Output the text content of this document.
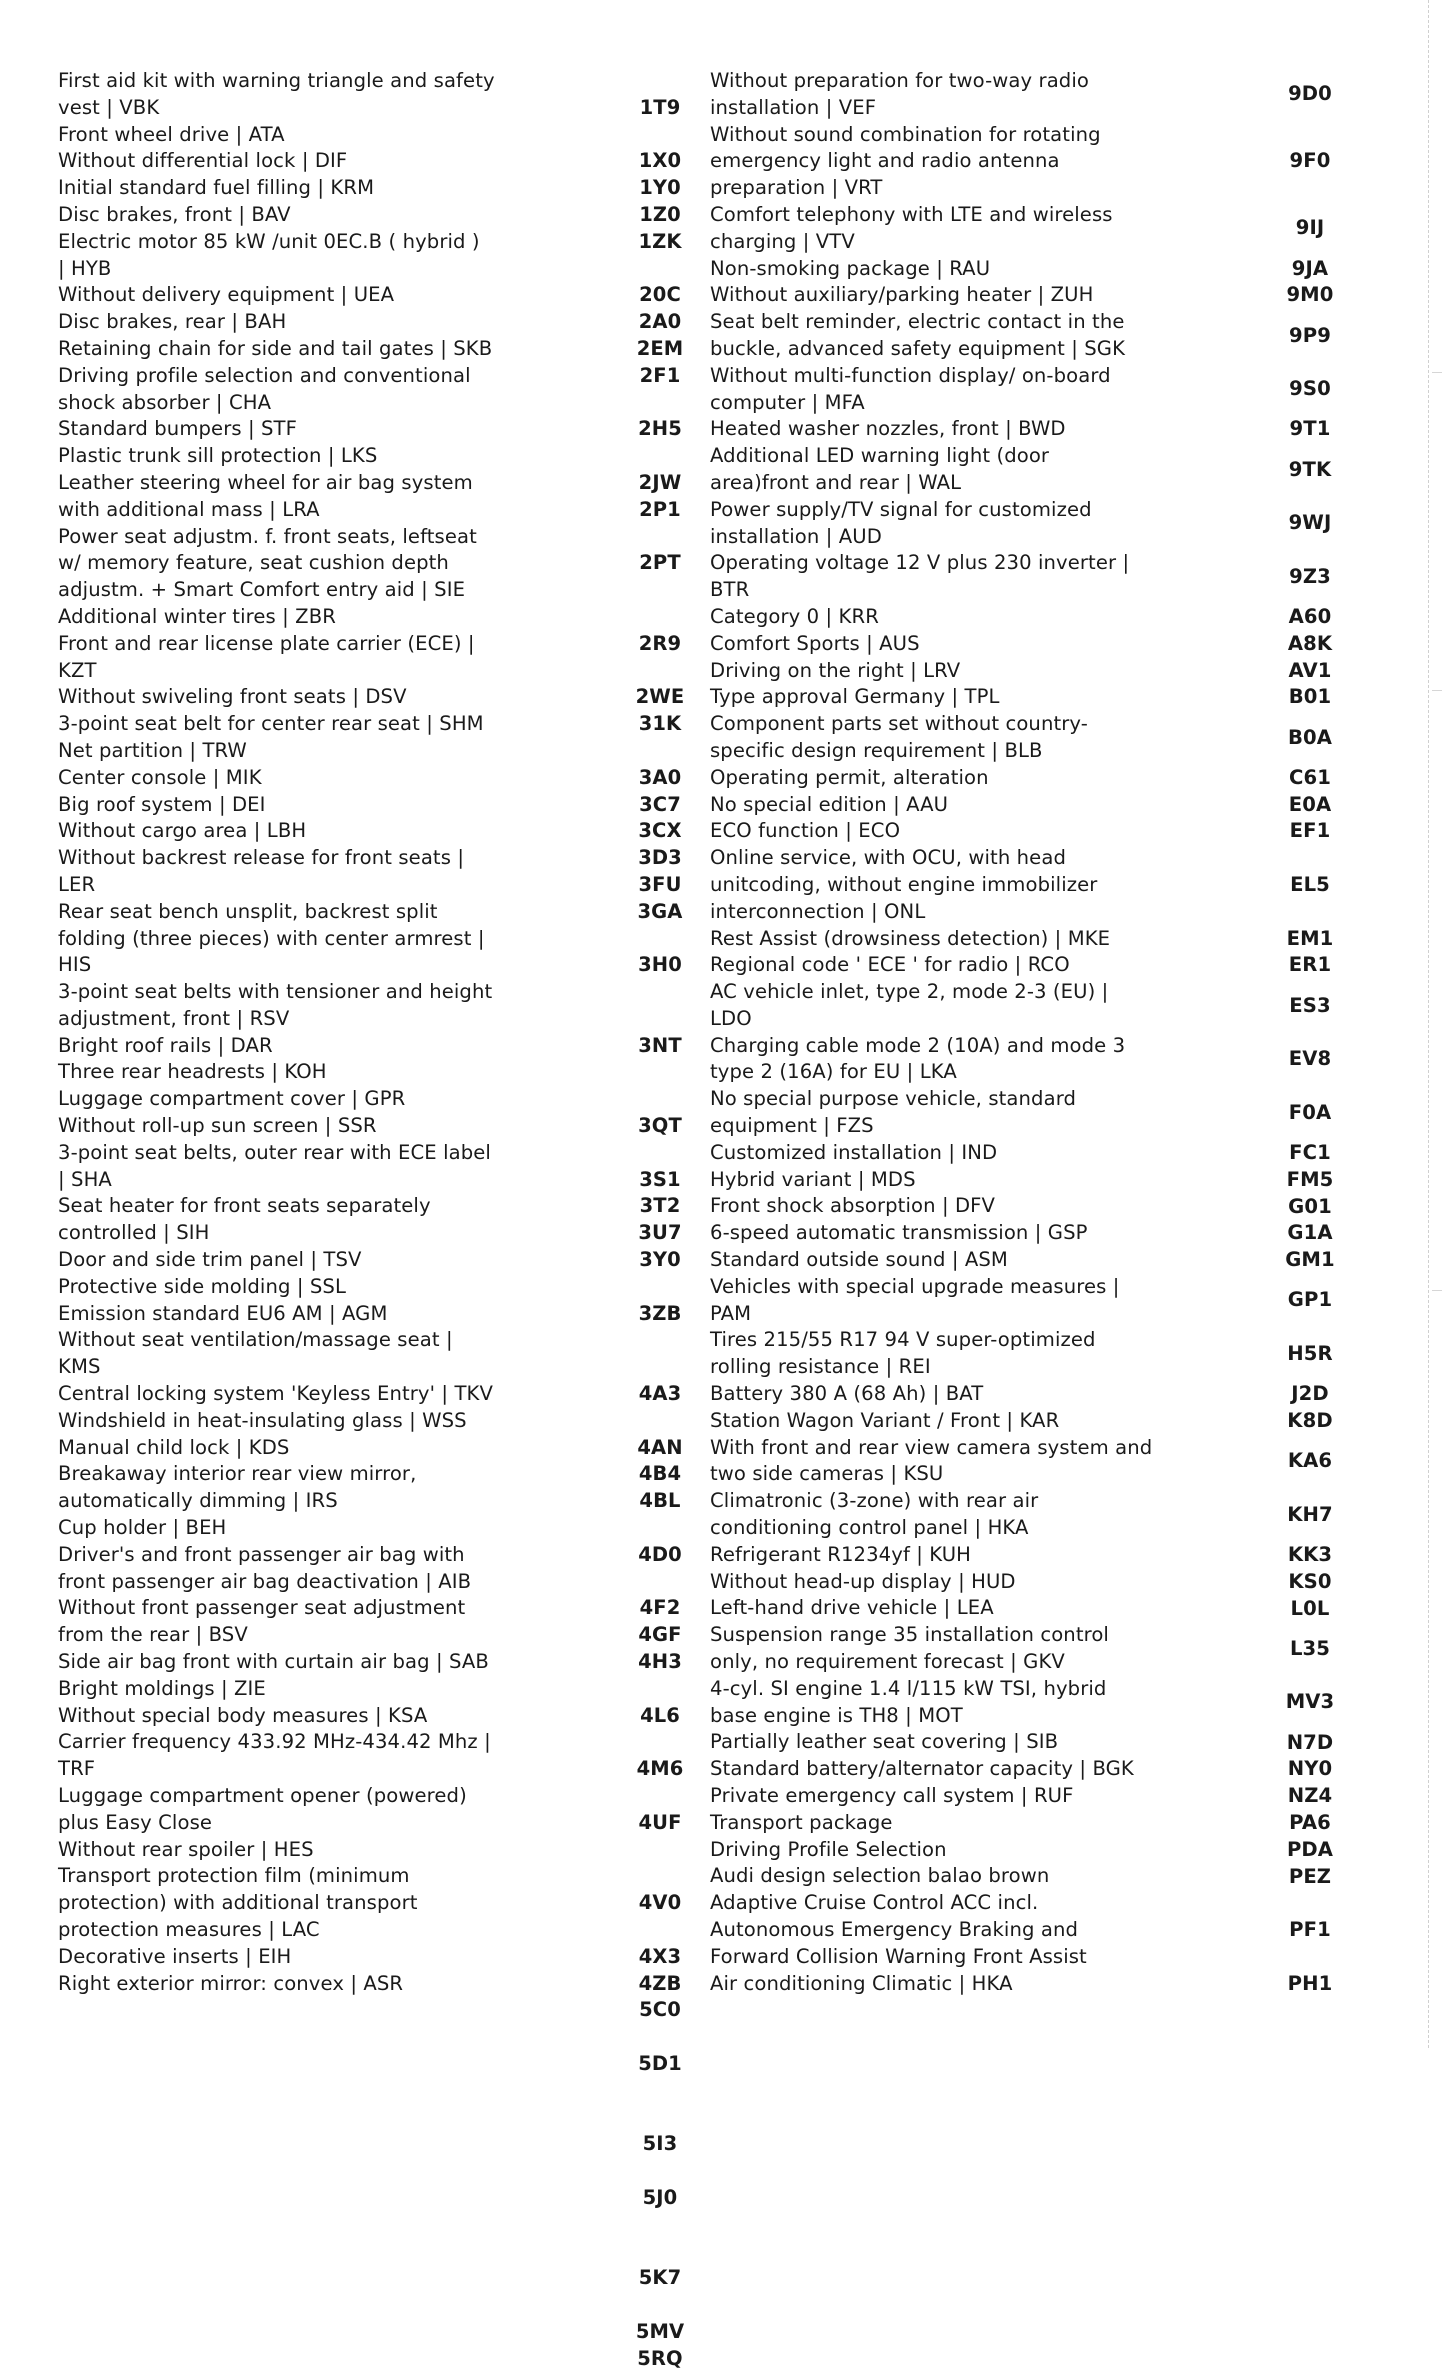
First aid kit with warning triangle and safety
vest | VBK
Front wheel drive | ATA
Without differential lock | DIF
Initial standard fuel filling | KRM
Disc brakes, front | BAV
Electric motor 85 kW /unit 0EC.B ( hybrid )
| HYB
Without delivery equipment | UEA
Disc brakes, rear | BAH
Retaining chain for side and tail gates | SKB
Driving profile selection and conventional
shock absorber | CHA
Standard bumpers | STF
Plastic trunk sill protection | LKS
Leather steering wheel for air bag system
with additional mass | LRA
Power seat adjustm. f. front seats, leftseat
w/ memory feature, seat cushion depth
adjustm. + Smart Comfort entry aid | SIE
Additional winter tires | ZBR
Front and rear license plate carrier (ECE) |
KZT
Without swiveling front seats | DSV
3-point seat belt for center rear seat | SHM
Net partition | TRW
Center console | MIK
Big roof system | DEI
Without cargo area | LBH
Without backrest release for front seats |
LER
Rear seat bench unsplit, backrest split
folding (three pieces) with center armrest |
HIS
3-point seat belts with tensioner and height
adjustment, front | RSV
Bright roof rails | DAR
Three rear headrests | KOH
Luggage compartment cover | GPR
Without roll-up sun screen | SSR
3-point seat belts, outer rear with ECE label
| SHA
Seat heater for front seats separately
controlled | SIH
Door and side trim panel | TSV
Protective side molding | SSL
Emission standard EU6 AM | AGM
Without seat ventilation/massage seat |
KMS
Central locking system 'Keyless Entry' | TKV
Windshield in heat-insulating glass | WSS
Manual child lock | KDS
Breakaway interior rear view mirror,
automatically dimming | IRS
Cup holder | BEH
Driver's and front passenger air bag with
front passenger air bag deactivation | AIB
Without front passenger seat adjustment
from the rear | BSV
Side air bag front with curtain air bag | SAB
Bright moldings | ZIE
Without special body measures | KSA
Carrier frequency 433.92 MHz-434.42 Mhz |
TRF
Luggage compartment opener (powered)
plus Easy Close
Without rear spoiler | HES
Transport protection film (minimum
protection) with additional transport
protection measures | LAC
Decorative inserts | EIH
Right exterior mirror: convex | ASR
1T9
1X0
1Y0
1Z0
1ZK
20C
2A0
2EM
2F1
2H5
2JW
2P1
2PT
2R9
2WE
31K
3A0
3C7
3CX
3D3
3FU
3GA
3H0
3NT
3QT
3S1
3T2
3U7
3Y0
3ZB
4A3
4AN
4B4
4BL
4D0
4F2
4GF
4H3
4L6
4M6
4UF
4V0
4X3
4ZB
5C0
5D1
5I3
5J0
5K7
5MV
5RQ
Without preparation for two-way radio
installation | VEF
Without sound combination for rotating
emergency light and radio antenna
preparation | VRT
Comfort telephony with LTE and wireless
charging | VTV
Non-smoking package | RAU
Without auxiliary/parking heater | ZUH
Seat belt reminder, electric contact in the
buckle, advanced safety equipment | SGK
Without multi-function display/ on-board
computer | MFA
Heated washer nozzles, front | BWD
Additional LED warning light (door
area)front and rear | WAL
Power supply/TV signal for customized
installation | AUD
Operating voltage 12 V plus 230 inverter |
BTR
Category 0 | KRR
Comfort Sports | AUS
Driving on the right | LRV
Type approval Germany | TPL
Component parts set without country-
specific design requirement | BLB
Operating permit, alteration
No special edition | AAU
ECO function | ECO
Online service, with OCU, with head
unitcoding, without engine immobilizer
interconnection | ONL
Rest Assist (drowsiness detection) | MKE
Regional code ' ECE ' for radio | RCO
AC vehicle inlet, type 2, mode 2-3 (EU) |
LDO
Charging cable mode 2 (10A) and mode 3
type 2 (16A) for EU | LKA
No special purpose vehicle, standard
equipment | FZS
Customized installation | IND
Hybrid variant | MDS
Front shock absorption | DFV
6-speed automatic transmission | GSP
Standard outside sound | ASM
Vehicles with special upgrade measures |
PAM
Tires 215/55 R17 94 V super-optimized
rolling resistance | REI
Battery 380 A (68 Ah) | BAT
Station Wagon Variant / Front | KAR
With front and rear view camera system and
two side cameras | KSU
Climatronic (3-zone) with rear air
conditioning control panel | HKA
Refrigerant R1234yf | KUH
Without head-up display | HUD
Left-hand drive vehicle | LEA
Suspension range 35 installation control
only, no requirement forecast | GKV
4-cyl. SI engine 1.4 l/115 kW TSI, hybrid
base engine is TH8 | MOT
Partially leather seat covering | SIB
Standard battery/alternator capacity | BGK
Private emergency call system | RUF
Transport package
Driving Profile Selection
Audi design selection balao brown
Adaptive Cruise Control ACC incl.
Autonomous Emergency Braking and
Forward Collision Warning Front Assist
Air conditioning Climatic | HKA
9D0
9F0
9IJ
9JA
9M0
9P9
9S0
9T1
9TK
9WJ
9Z3
A60
A8K
AV1
B01
B0A
C61
E0A
EF1
EL5
EM1
ER1
ES3
EV8
F0A
FC1
FM5
G01
G1A
GM1
GP1
H5R
J2D
K8D
KA6
KH7
KK3
KS0
L0L
L35
MV3
N7D
NY0
NZ4
PA6
PDA
PEZ
PF1
PH1
